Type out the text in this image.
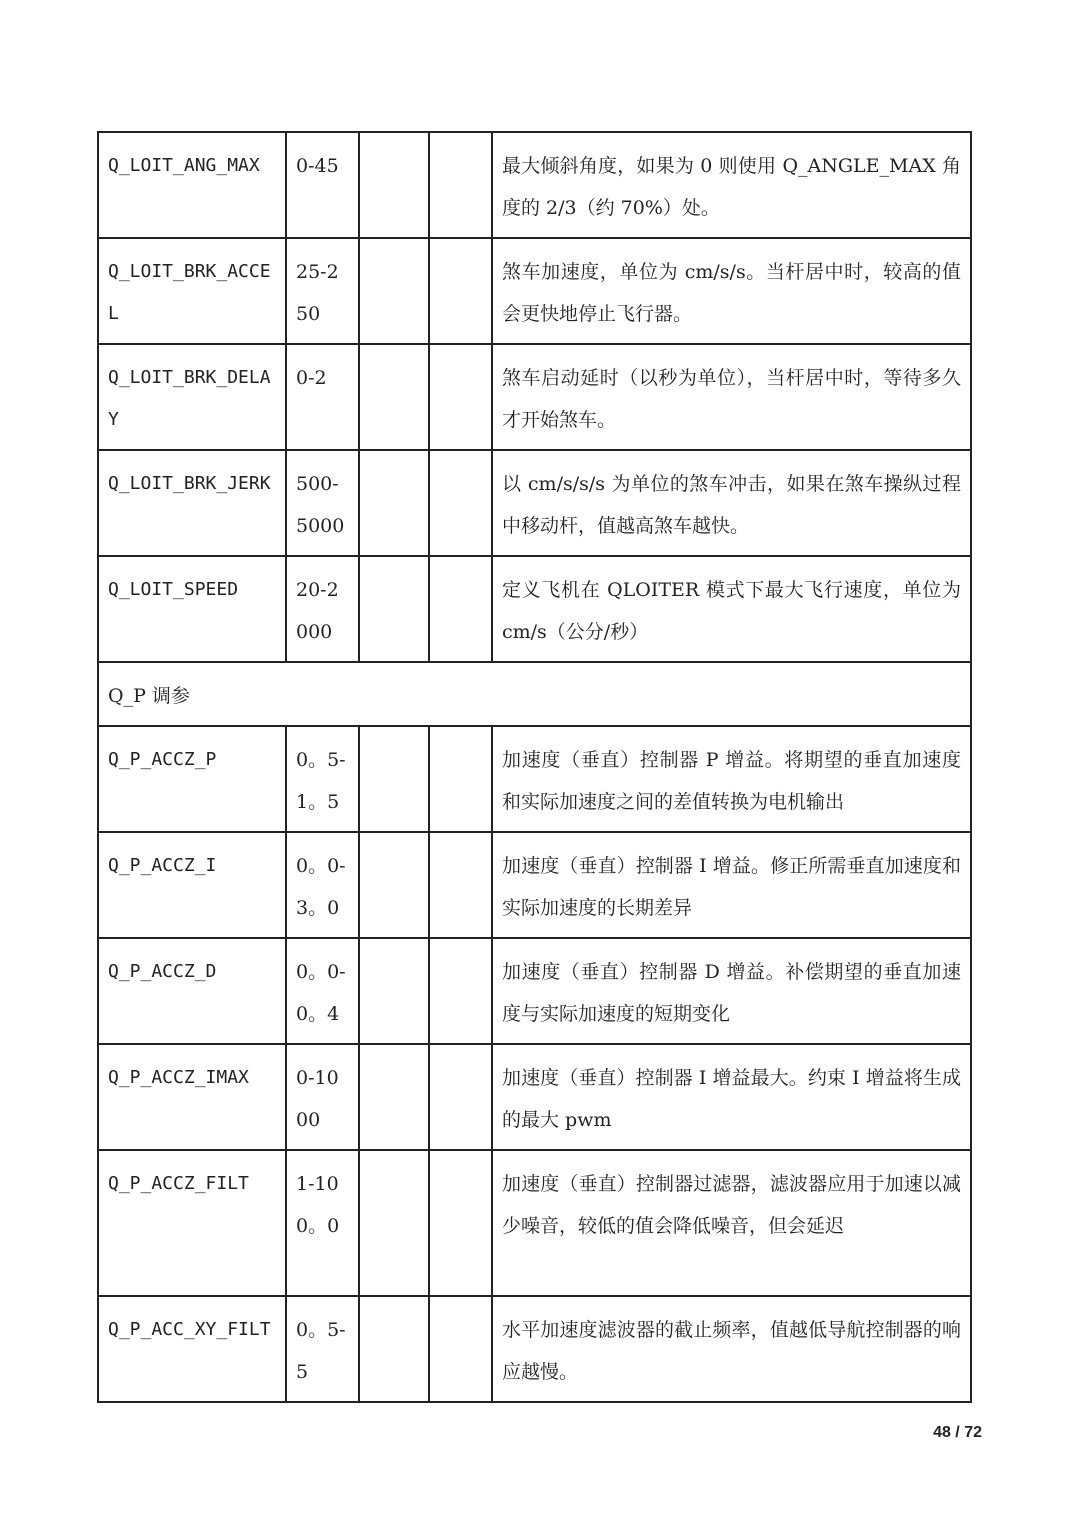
Q_LOIT_ANG_MAX	0-45			最大倾斜角度，如果为 0 则使用 Q_ANGLE_MAX 角度的 2/3（约 70%）处。
Q_LOIT_BRK_ACCEL	25-250			煞车加速度，单位为 cm/s/s。当杆居中时，较高的值会更快地停止飞行器。
Q_LOIT_BRK_DELAY	0-2			煞车启动延时（以秒为单位），当杆居中时，等待多久才开始煞车。
Q_LOIT_BRK_JERK	500-5000			以 cm/s/s/s 为单位的煞车冲击，如果在煞车操纵过程中移动杆，值越高煞车越快。
Q_LOIT_SPEED	20-2000			定义飞机在 QLOITER 模式下最大飞行速度，单位为 cm/s（公分/秒）
Q_P 调参				
Q_P_ACCZ_P	0。5-1。5			加速度（垂直）控制器 P 增益。将期望的垂直加速度和实际加速度之间的差值转换为电机输出
Q_P_ACCZ_I	0。0-3。0			加速度（垂直）控制器 I 增益。修正所需垂直加速度和实际加速度的长期差异
Q_P_ACCZ_D	0。0-0。4			加速度（垂直）控制器 D 增益。补偿期望的垂直加速度与实际加速度的短期变化
Q_P_ACCZ_IMAX	0-1000			加速度（垂直）控制器 I 增益最大。约束 I 增益将生成的最大 pwm
Q_P_ACCZ_FILT	1-100。0			加速度（垂直）控制器过滤器，滤波器应用于加速以减少噪音，较低的值会降低噪音，但会延迟
Q_P_ACC_XY_FILT	0。5-5			水平加速度滤波器的截止频率，值越低导航控制器的响应越慢。
48 / 72
